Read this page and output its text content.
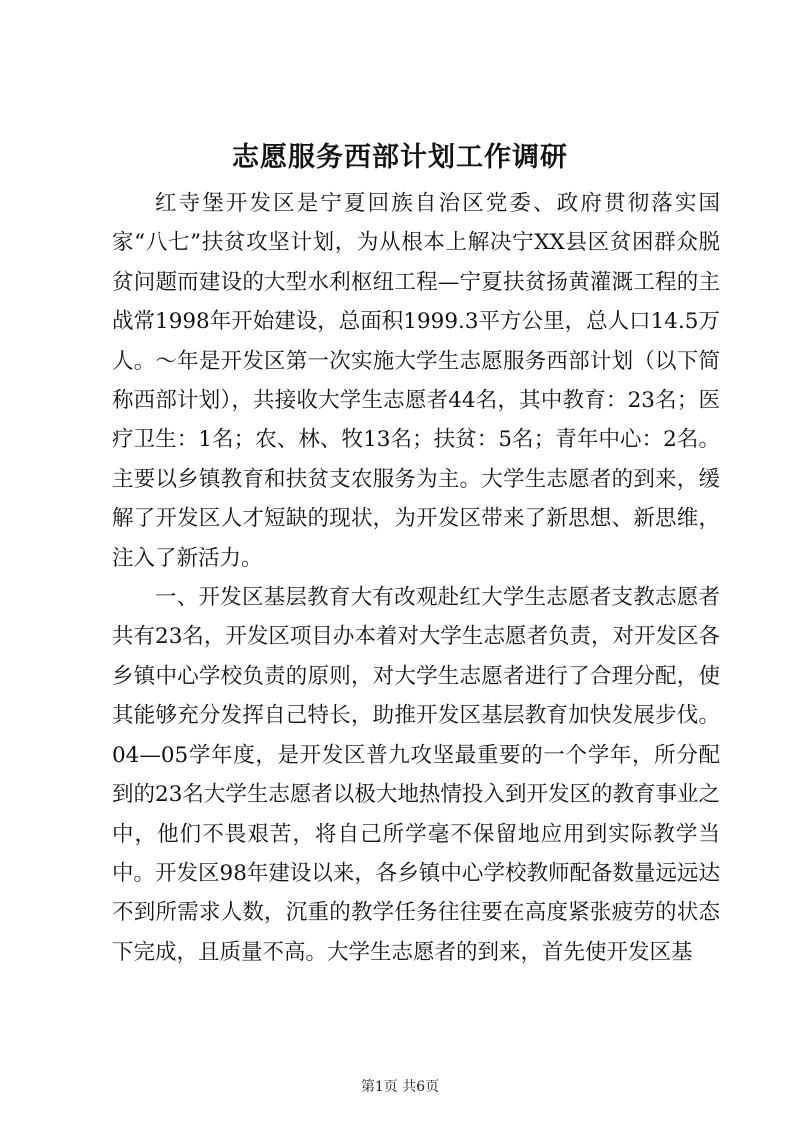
志愿服务西部计划工作调研

红寺堡开发区是宁夏回族自治区党委、政府贯彻落实国家“八七”扶贫攻坚计划，为从根本上解决宁XX县区贫困群众脱贫问题而建设的大型水利枢纽工程—宁夏扶贫扬黄灌溉工程的主战常1998年开始建设，总面积1999.3平方公里，总人口14.5万人。～年是开发区第一次实施大学生志愿服务西部计划（以下简称西部计划），共接收大学生志愿者44名，其中教育：23名；医疗卫生：1名；农、林、牧13名；扶贫：5名；青年中心：2名。主要以乡镇教育和扶贫支农服务为主。大学生志愿者的到来，缓解了开发区人才短缺的现状，为开发区带来了新思想、新思维，注入了新活力。

一、开发区基层教育大有改观赴红大学生志愿者支教志愿者共有23名，开发区项目办本着对大学生志愿者负责，对开发区各乡镇中心学校负责的原则，对大学生志愿者进行了合理分配，使其能够充分发挥自己特长，助推开发区基层教育加快发展步伐。04—05学年度，是开发区普九攻坚最重要的一个学年，所分配到的23名大学生志愿者以极大地热情投入到开发区的教育事业之中，他们不畏艰苦，将自己所学毫不保留地应用到实际教学当中。开发区98年建设以来，各乡镇中心学校教师配备数量远远达不到所需求人数，沉重的教学任务往往要在高度紧张疲劳的状态下完成，且质量不高。大学生志愿者的到来，首先使开发区基

第1页 共6页
